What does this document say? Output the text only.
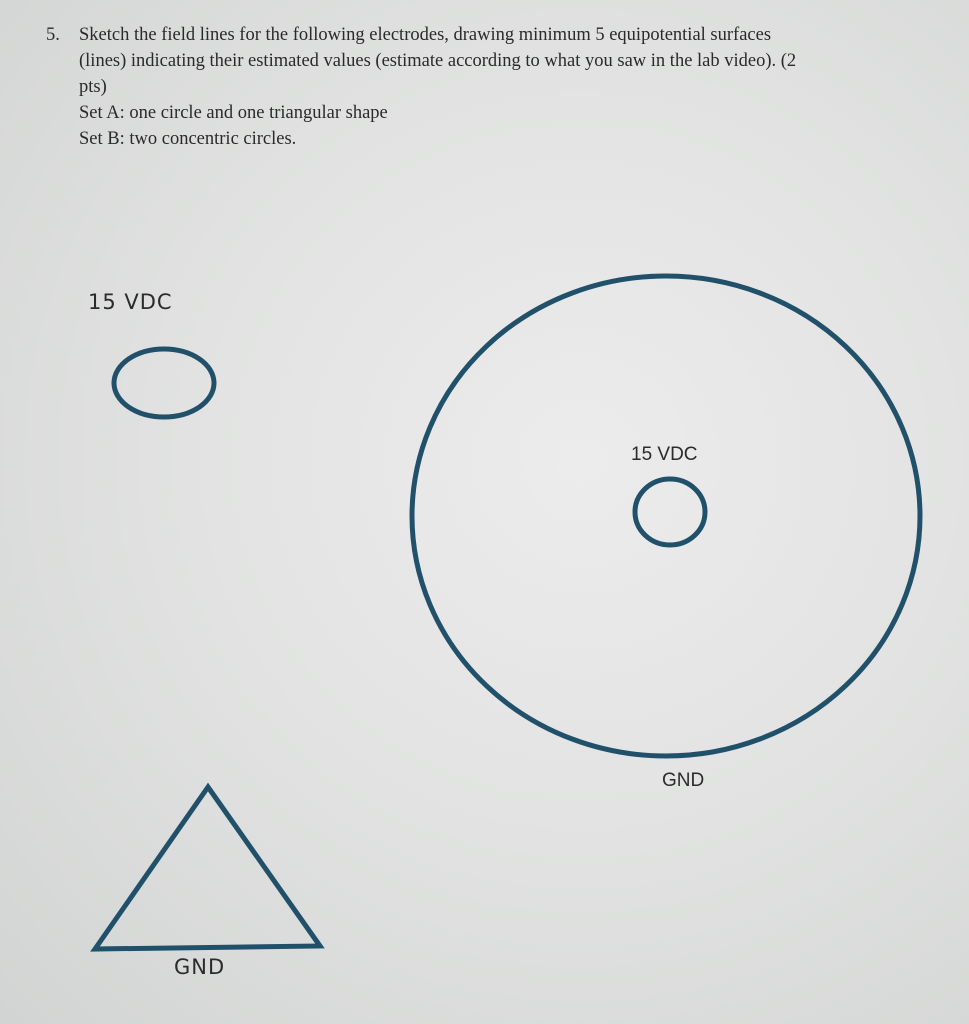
5. Sketch the field lines for the following electrodes, drawing minimum 5 equipotential surfaces
(lines) indicating their estimated values (estimate according to what you saw in the lab video). (2
pts)
Set A: one circle and one triangular shape
Set B: two concentric circles.
15 VDC
GND
15 VDC
GND
